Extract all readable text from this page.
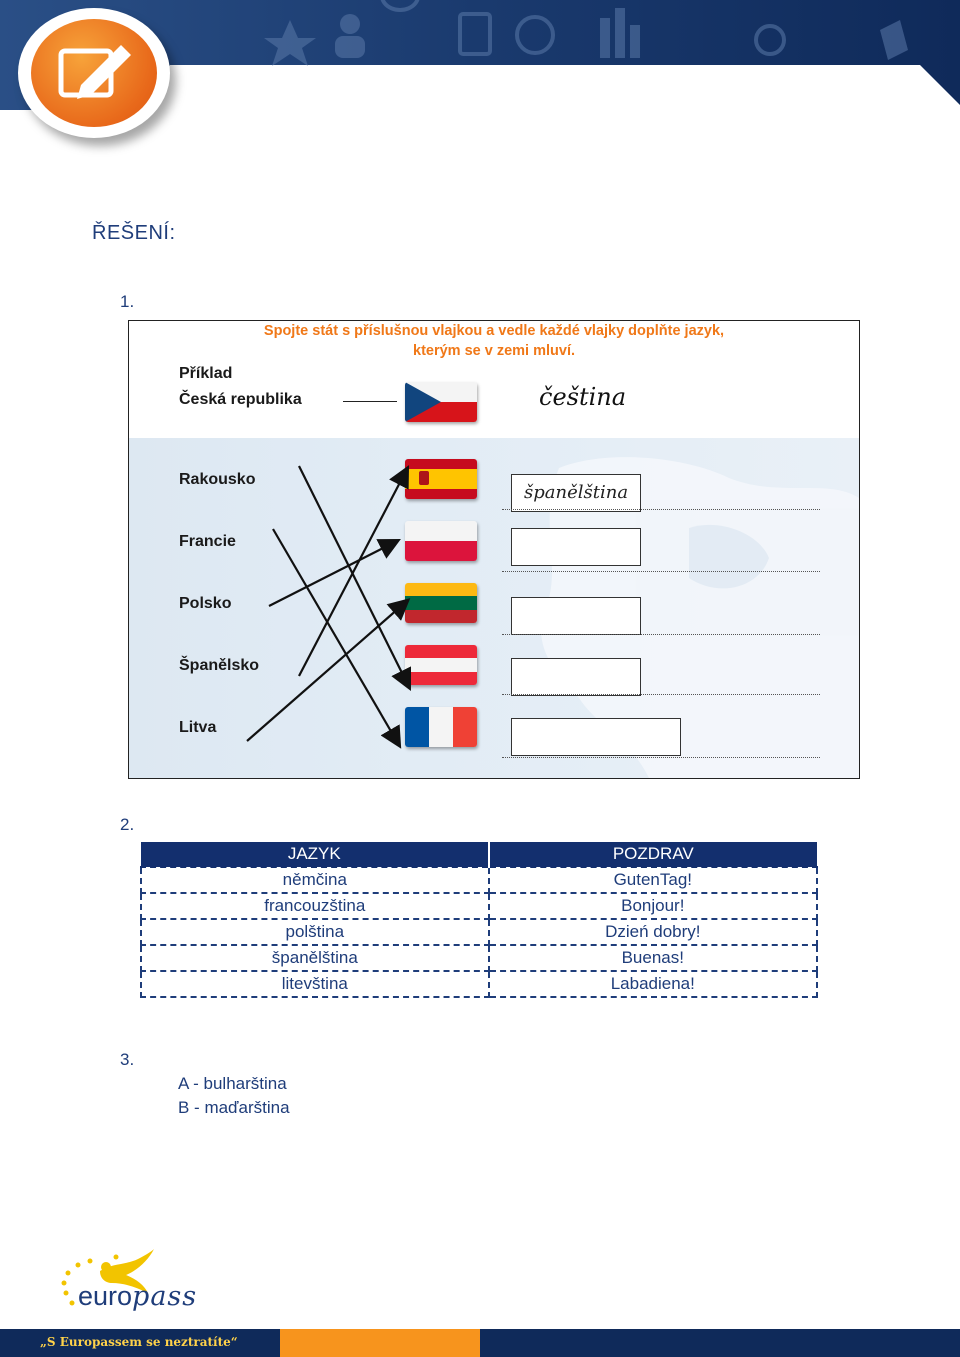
ŘEŠENÍ:
1.
Spojte stát s příslušnou vlajkou a vedle každé vlajky doplňte jazyk,
kterým se v zemi mluví.
Příklad
Česká republika	čeština
Rakousko
Francie
Polsko
Španělsko
Litva
španělština
2.
JAZYK	POZDRAV
němčina	GutenTag!
francouzština	Bonjour!
polština	Dzień dobry!
španělština	Buenas!
litevština	Labadiena!
3.
A - bulharština
B - maďarština
europass
„S Europassem se neztratíte“
